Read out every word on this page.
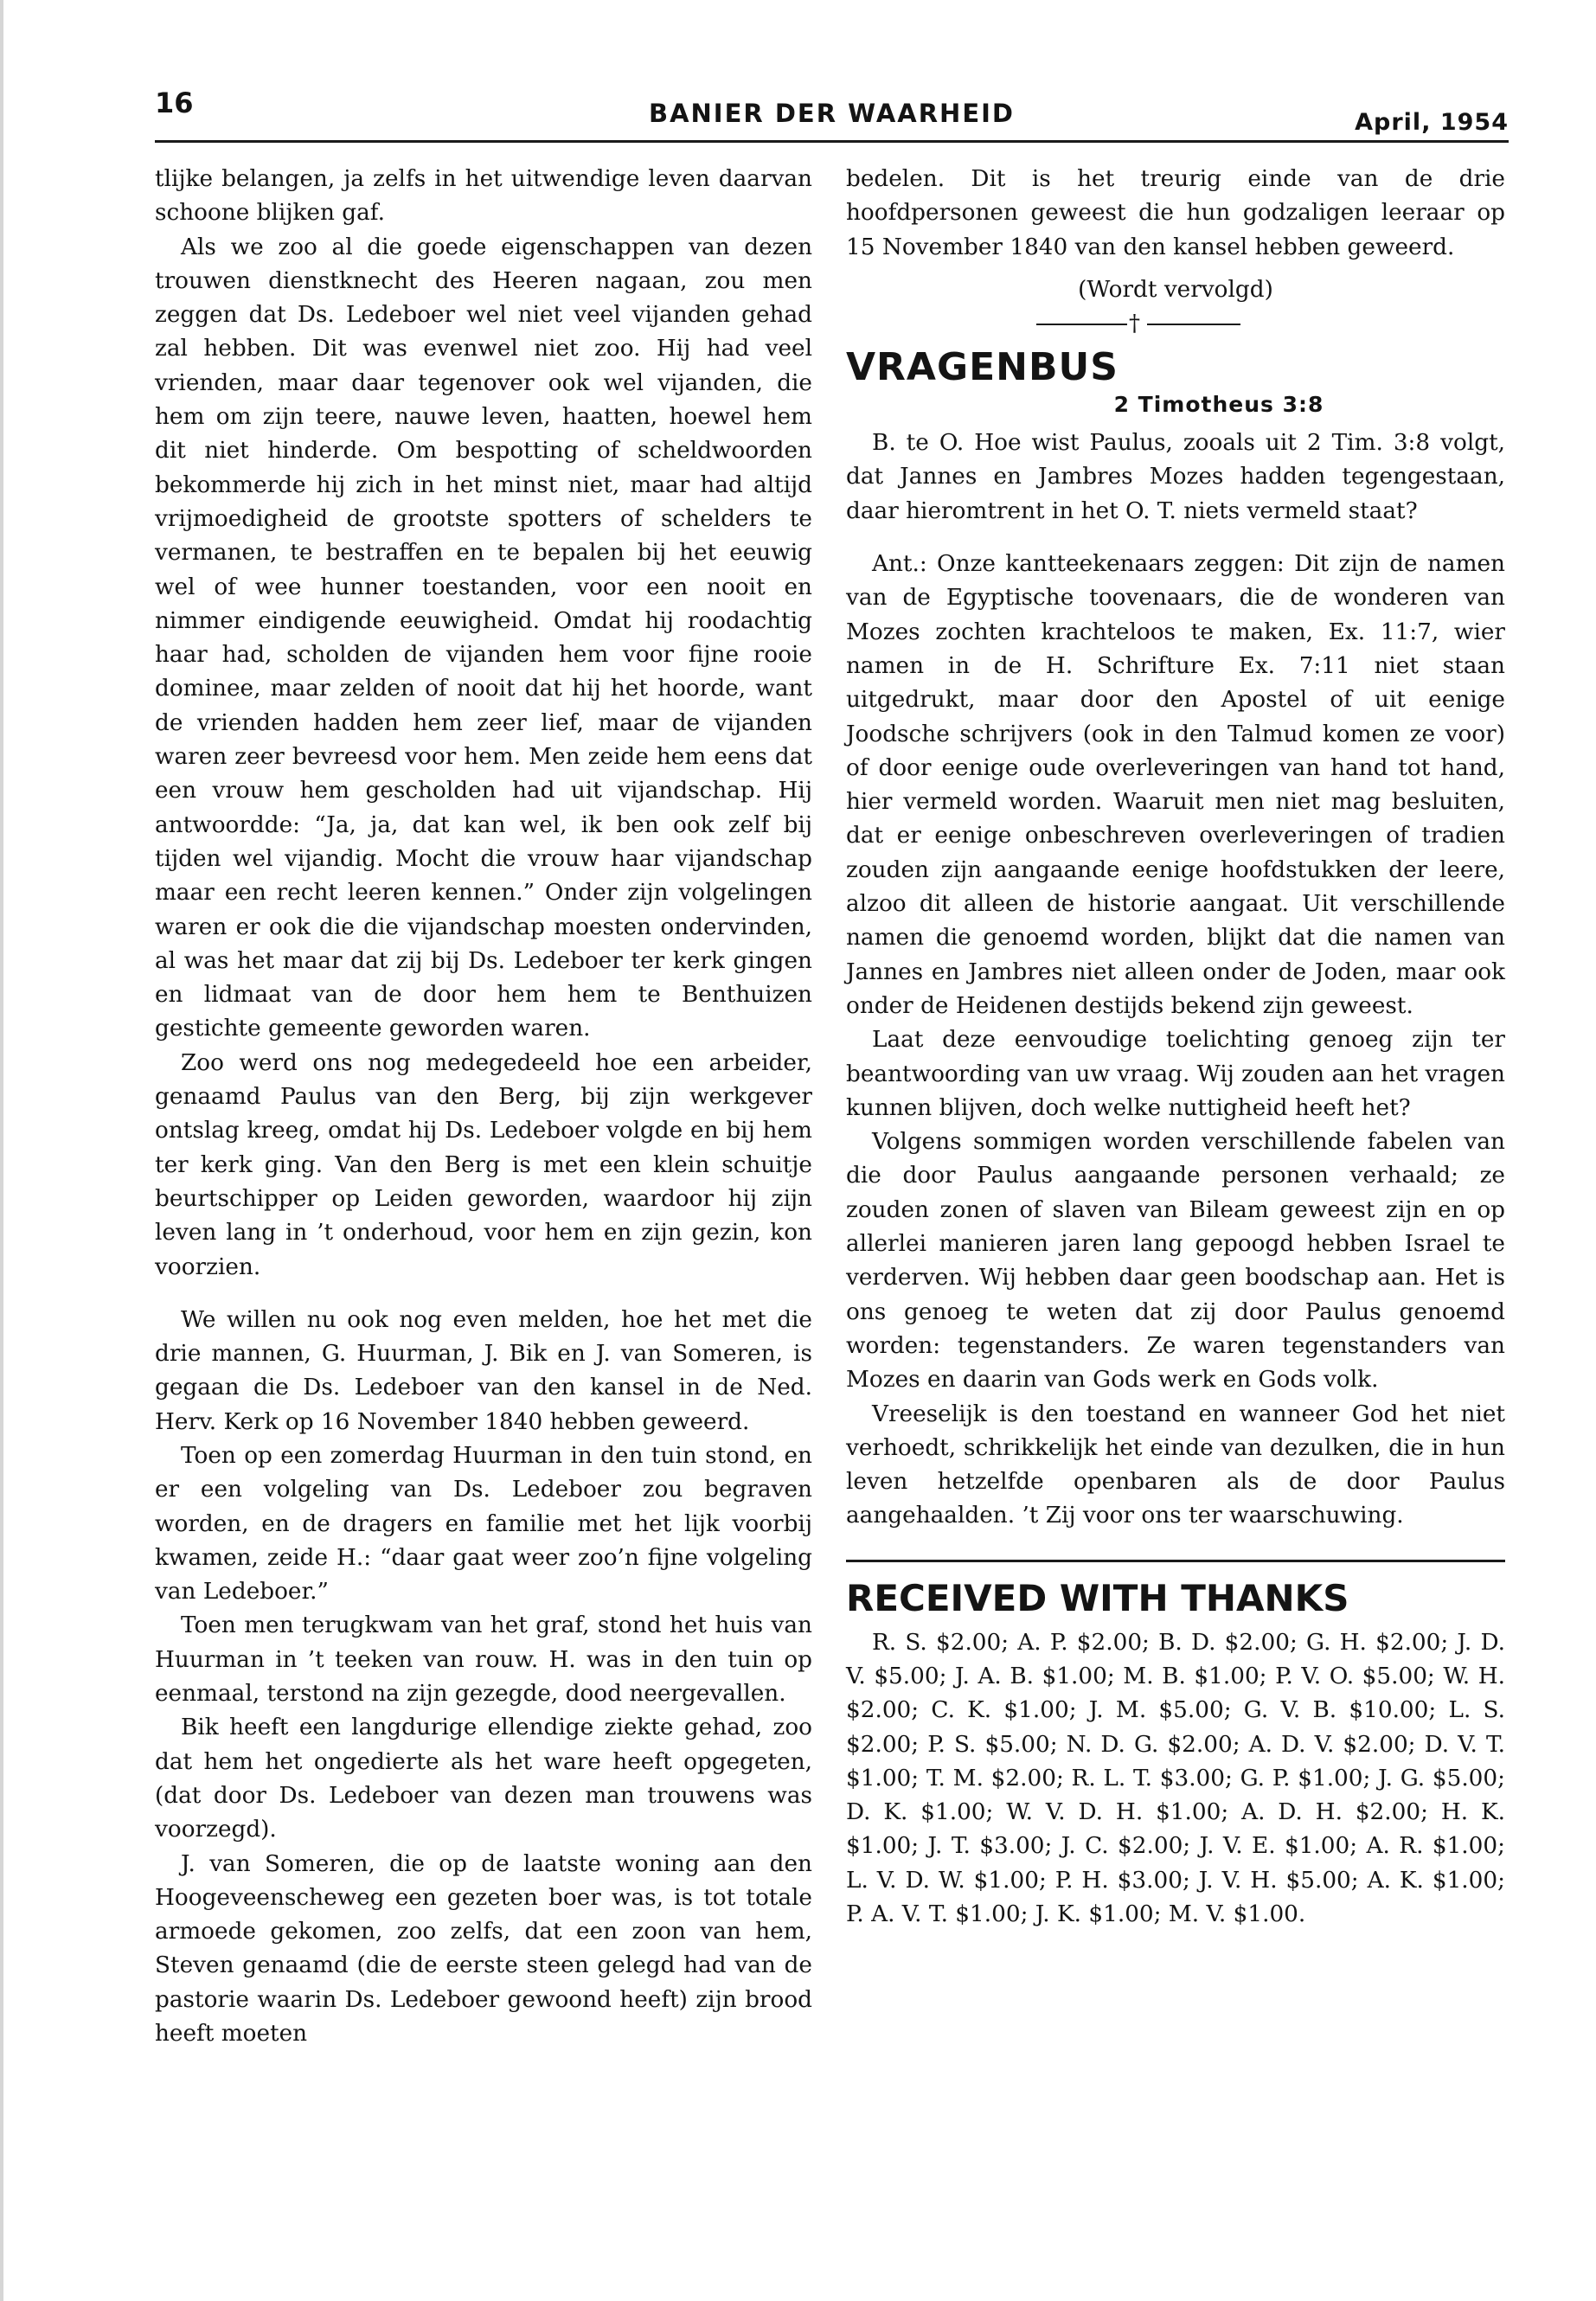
16	BANIER DER WAARHEID	April, 1954

tlijke belangen, ja zelfs in het uitwendige leven daarvan schoone blijken gaf.

Als we zoo al die goede eigenschappen van dezen trouwen dienstknecht des Heeren nagaan, zou men zeggen dat Ds. Ledeboer wel niet veel vijanden gehad zal hebben. Dit was evenwel niet zoo. Hij had veel vrienden, maar daar tegenover ook wel vijanden, die hem om zijn teere, nauwe leven, haatten, hoewel hem dit niet hinderde. Om bespotting of scheldwoorden bekommerde hij zich in het minst niet, maar had altijd vrijmoedigheid de grootste spotters of schelders te vermanen, te bestraffen en te bepalen bij het eeuwig wel of wee hunner toestanden, voor een nooit en nimmer eindigende eeuwigheid. Omdat hij roodachtig haar had, scholden de vijanden hem voor fijne rooie dominee, maar zelden of nooit dat hij het hoorde, want de vrienden hadden hem zeer lief, maar de vijanden waren zeer bevreesd voor hem. Men zeide hem eens dat een vrouw hem gescholden had uit vijandschap. Hij antwoordde: “Ja, ja, dat kan wel, ik ben ook zelf bij tijden wel vijandig. Mocht die vrouw haar vijandschap maar een recht leeren kennen.” Onder zijn volgelingen waren er ook die die vijandschap moesten ondervinden, al was het maar dat zij bij Ds. Ledeboer ter kerk gingen en lidmaat van de door hem hem te Benthuizen gestichte gemeente geworden waren.

Zoo werd ons nog medegedeeld hoe een arbeider, genaamd Paulus van den Berg, bij zijn werkgever ontslag kreeg, omdat hij Ds. Ledeboer volgde en bij hem ter kerk ging. Van den Berg is met een klein schuitje beurtschipper op Leiden geworden, waardoor hij zijn leven lang in ’t onderhoud, voor hem en zijn gezin, kon voorzien.

We willen nu ook nog even melden, hoe het met die drie mannen, G. Huurman, J. Bik en J. van Someren, is gegaan die Ds. Ledeboer van den kansel in de Ned. Herv. Kerk op 16 November 1840 hebben geweerd.

Toen op een zomerdag Huurman in den tuin stond, en er een volgeling van Ds. Ledeboer zou begraven worden, en de dragers en familie met het lijk voorbij kwamen, zeide H.: “daar gaat weer zoo’n fijne volgeling van Ledeboer.”

Toen men terugkwam van het graf, stond het huis van Huurman in ’t teeken van rouw. H. was in den tuin op eenmaal, terstond na zijn gezegde, dood neergevallen.

Bik heeft een langdurige ellendige ziekte gehad, zoo dat hem het ongedierte als het ware heeft opgegeten, (dat door Ds. Ledeboer van dezen man trouwens was voorzegd).

J. van Someren, die op de laatste woning aan den Hoogeveenscheweg een gezeten boer was, is tot totale armoede gekomen, zoo zelfs, dat een zoon van hem, Steven genaamd (die de eerste steen gelegd had van de pastorie waarin Ds. Ledeboer gewoond heeft) zijn brood heeft moeten

bedelen. Dit is het treurig einde van de drie hoofdpersonen geweest die hun godzaligen leeraar op 15 November 1840 van den kansel hebben geweerd.

(Wordt vervolgd)
†
VRAGENBUS
2 Timotheus 3:8

B. te O. Hoe wist Paulus, zooals uit 2 Tim. 3:8 volgt, dat Jannes en Jambres Mozes hadden tegengestaan, daar hieromtrent in het O. T. niets vermeld staat?

Ant.: Onze kantteekenaars zeggen: Dit zijn de namen van de Egyptische toovenaars, die de wonderen van Mozes zochten krachteloos te maken, Ex. 11:7, wier namen in de H. Schrifture Ex. 7:11 niet staan uitgedrukt, maar door den Apostel of uit eenige Joodsche schrijvers (ook in den Talmud komen ze voor) of door eenige oude overleveringen van hand tot hand, hier vermeld worden. Waaruit men niet mag besluiten, dat er eenige onbeschreven overleveringen of tradien zouden zijn aangaande eenige hoofdstukken der leere, alzoo dit alleen de historie aangaat. Uit verschillende namen die genoemd worden, blijkt dat die namen van Jannes en Jambres niet alleen onder de Joden, maar ook onder de Heidenen destijds bekend zijn geweest.

Laat deze eenvoudige toelichting genoeg zijn ter beantwoording van uw vraag. Wij zouden aan het vragen kunnen blijven, doch welke nuttigheid heeft het?

Volgens sommigen worden verschillende fabelen van die door Paulus aangaande personen verhaald; ze zouden zonen of slaven van Bileam geweest zijn en op allerlei manieren jaren lang gepoogd hebben Israel te verderven. Wij hebben daar geen boodschap aan. Het is ons genoeg te weten dat zij door Paulus genoemd worden: tegenstanders. Ze waren tegenstanders van Mozes en daarin van Gods werk en Gods volk.

Vreeselijk is den toestand en wanneer God het niet verhoedt, schrikkelijk het einde van dezulken, die in hun leven hetzelfde openbaren als de door Paulus aangehaalden. ’t Zij voor ons ter waarschuwing.

RECEIVED WITH THANKS

R. S. $2.00; A. P. $2.00; B. D. $2.00; G. H. $2.00; J. D. V. $5.00; J. A. B. $1.00; M. B. $1.00; P. V. O. $5.00; W. H. $2.00; C. K. $1.00; J. M. $5.00; G. V. B. $10.00; L. S. $2.00; P. S. $5.00; N. D. G. $2.00; A. D. V. $2.00; D. V. T. $1.00; T. M. $2.00; R. L. T. $3.00; G. P. $1.00; J. G. $5.00; D. K. $1.00; W. V. D. H. $1.00; A. D. H. $2.00; H. K. $1.00; J. T. $3.00; J. C. $2.00; J. V. E. $1.00; A. R. $1.00; L. V. D. W. $1.00; P. H. $3.00; J. V. H. $5.00; A. K. $1.00; P. A. V. T. $1.00; J. K. $1.00; M. V. $1.00.
